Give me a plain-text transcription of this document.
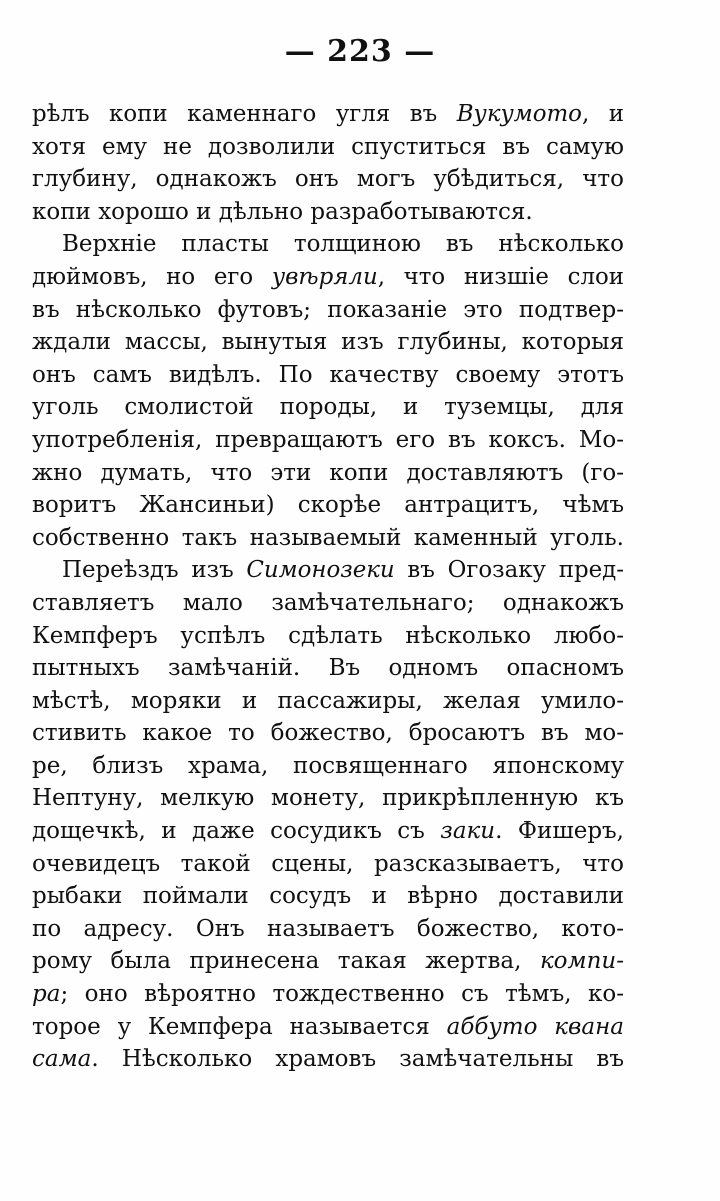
— 223 —
рѣлъ копи каменнаго угля въ Вукумото, и
хотя ему не дозволили спуститься въ самую
глубину, однакожъ онъ могъ убѣдиться, что
копи хорошо и дѣльно разработываются.
Верхніе пласты толщиною въ нѣсколько
дюймовъ, но его увѣряли, что низшіе слои
въ нѣсколько футовъ; показаніе это подтвер-
ждали массы, вынутыя изъ глубины, которыя
онъ самъ видѣлъ. По качеству своему этотъ
уголь смолистой породы, и туземцы, для
употребленія, превращаютъ его въ коксъ. Мо-
жно думать, что эти копи доставляютъ (го-
воритъ Жансиньи) скорѣе антрацитъ, чѣмъ
собственно такъ называемый каменный уголь.
Переѣздъ изъ Симонозеки въ Огозаку пред-
ставляетъ мало замѣчательнаго; однакожъ
Кемпферъ успѣлъ сдѣлать нѣсколько любо-
пытныхъ замѣчаній. Въ одномъ опасномъ
мѣстѣ, моряки и пассажиры, желая умило-
стивить какое то божество, бросаютъ въ мо-
ре, близъ храма, посвященнаго японскому
Нептуну, мелкую монету, прикрѣпленную къ
дощечкѣ, и даже сосудикъ съ заки. Фишеръ,
очевидецъ такой сцены, разсказываетъ, что
рыбаки поймали сосудъ и вѣрно доставили
по адресу. Онъ называетъ божество, кото-
рому была принесена такая жертва, компи-
ра; оно вѣроятно тождественно съ тѣмъ, ко-
торое у Кемпфера называется аббуто квана
сама. Нѣсколько храмовъ замѣчательны въ
